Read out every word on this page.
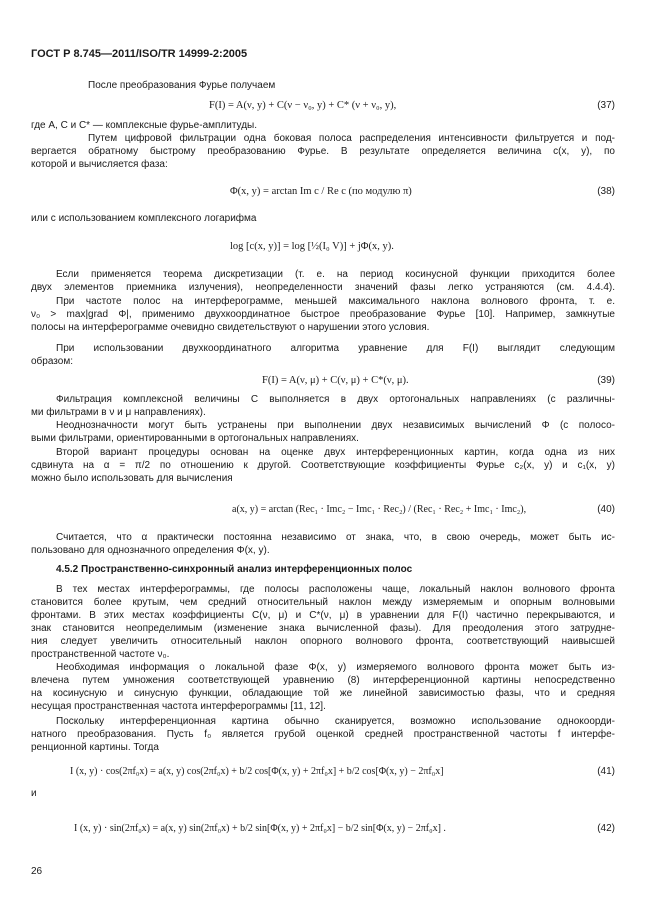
ГОСТ Р 8.745—2011/ISO/TR 14999-2:2005
После преобразования Фурье получаем
F(I) = A(ν, y) + C(ν − ν₀, y) + C* (ν + ν₀, y),	(37)
где A, C и C* — комплексные фурье-амплитуды.
Путем цифровой фильтрации одна боковая полоса распределения интенсивности фильтруется и под-
вергается обратному быстрому преобразованию Фурье. В результате определяется величина c(x, y), по
которой и вычисляется фаза:
Φ(x, y) = arctan Im c / Re c (по модулю π)	(38)
или с использованием комплексного логарифма
log [c(x, y)] = log [½(I₀ V)] + jΦ(x, y).
Если применяется теорема дискретизации (т. е. на период косинусной функции приходится более
двух элементов приемника излучения), неопределенности значений фазы легко устраняются (см. 4.4.4).
При частоте полос на интерферограмме, меньшей максимального наклона волнового фронта, т. е.
ν₀ > max|grad Φ|, применимо двухкоординатное быстрое преобразование Фурье [10]. Например, замкнутые
полосы на интерферограмме очевидно свидетельствуют о нарушении этого условия.
При использовании двухкоординатного алгоритма уравнение для F(I) выглядит следующим
образом:
F(I) = A(ν, μ) + C(ν, μ) + C*(ν, μ).	(39)
Фильтрация комплексной величины C выполняется в двух ортогональных направлениях (с различны-
ми фильтрами в ν и μ направлениях).
Неоднозначности могут быть устранены при выполнении двух независимых вычислений Φ (с полосо-
выми фильтрами, ориентированными в ортогональных направлениях.
Второй вариант процедуры основан на оценке двух интерференционных картин, когда одна из них
сдвинута на α = π/2 по отношению к другой. Соответствующие коэффициенты Фурье c₂(x, y) и c₁(x, y)
можно было использовать для вычисления
a(x, y) = arctan (Rec₁ · Imc₂ − Imc₁ · Rec₂) / (Rec₁ · Rec₂ + Imc₁ · Imc₂),	(40)
Считается, что α практически постоянна независимо от знака, что, в свою очередь, может быть ис-
пользовано для однозначного определения Φ(x, y).
4.5.2 Пространственно-синхронный анализ интерференционных полос
В тех местах интерферограммы, где полосы расположены чаще, локальный наклон волнового фронта
становится более крутым, чем средний относительный наклон между измеряемым и опорным волновыми
фронтами. В этих местах коэффициенты C(ν, μ) и C*(ν, μ) в уравнении для F(I) частично перекрываются, и
знак становится неопределимым (изменение знака вычисленной фазы). Для преодоления этого затрудне-
ния следует увеличить относительный наклон опорного волнового фронта, соответствующий наивысшей
пространственной частоте ν₀.
Необходимая информация о локальной фазе Φ(x, y) измеряемого волнового фронта может быть из-
влечена путем умножения соответствующей уравнению (8) интерференционной картины непосредственно
на косинусную и синусную функции, обладающие той же линейной зависимостью фазы, что и средняя
несущая пространственная частота интерферограммы [11, 12].
Поскольку интерференционная картина обычно сканируется, возможно использование однокоорди-
натного преобразования. Пусть f₀ является грубой оценкой средней пространственной частоты f интерфе-
ренционной картины. Тогда
I (x, y) · cos(2πf₀x) = a(x, y) cos(2πf₀x) + b/2 cos[Φ(x, y) + 2πf₀x] + b/2 cos[Φ(x, y) − 2πf₀x]	(41)
и
I (x, y) · sin(2πf₀x) = a(x, y) sin(2πf₀x) + b/2 sin[Φ(x, y) + 2πf₀x] − b/2 sin[Φ(x, y) − 2πf₀x] .	(42)
26
